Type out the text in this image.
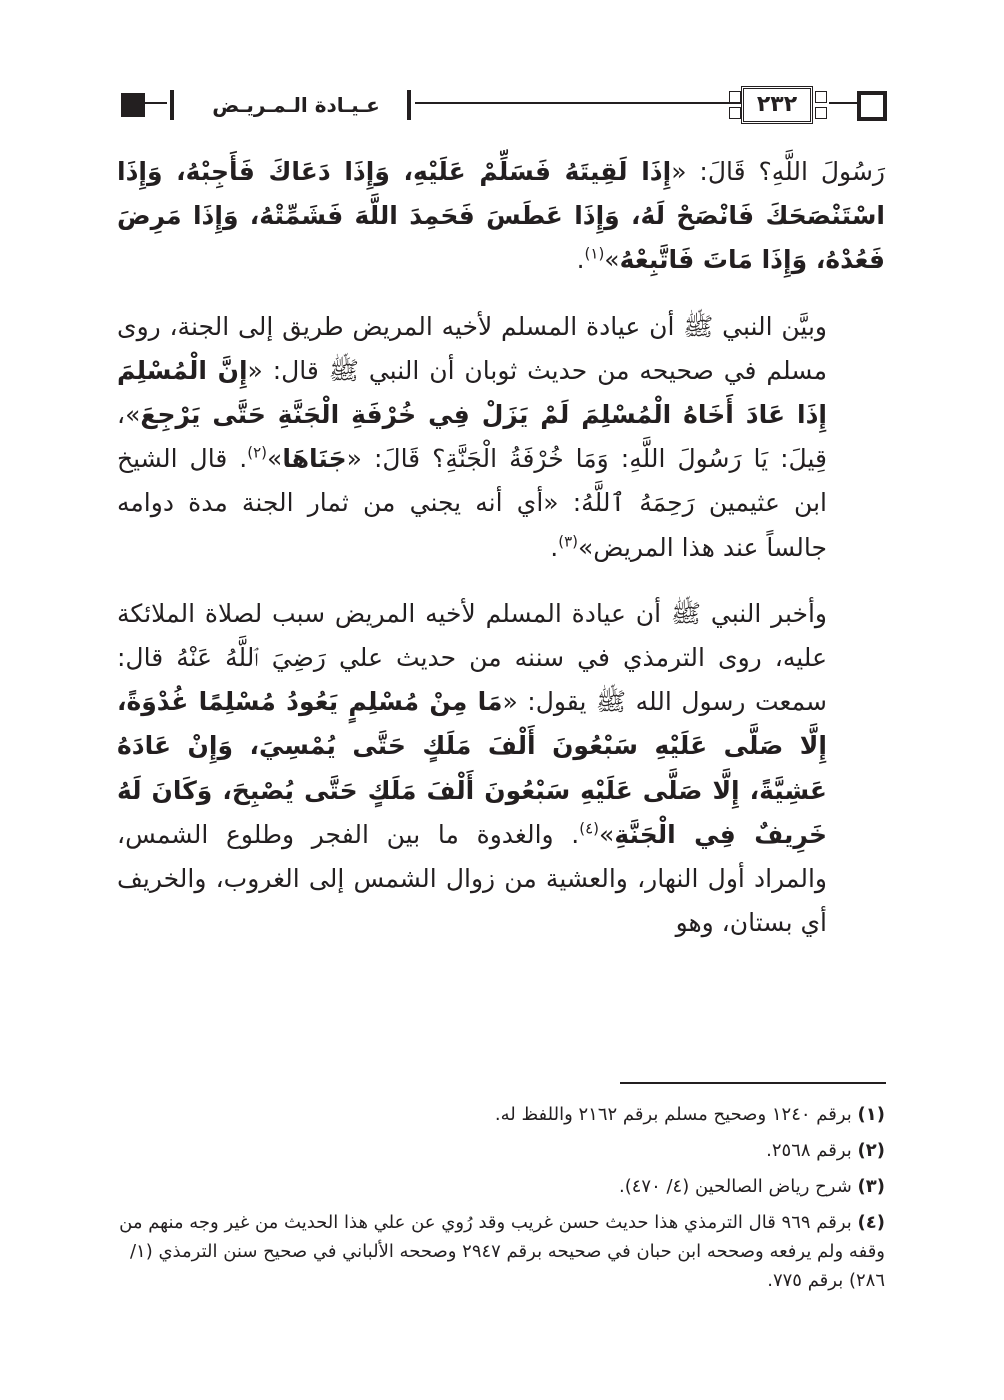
عـيـادة الـمـريـض	٢٣٢

رَسُولَ اللَّهِ؟ قَالَ: «إِذَا لَقِيتَهُ فَسَلِّمْ عَلَيْهِ، وَإِذَا دَعَاكَ فَأَجِبْهُ، وَإِذَا اسْتَنْصَحَكَ فَانْصَحْ لَهُ، وَإِذَا عَطَسَ فَحَمِدَ اللَّهَ فَشَمِّتْهُ، وَإِذَا مَرِضَ فَعُدْهُ، وَإِذَا مَاتَ فَاتَّبِعْهُ»$^{(١)}$.

وبيَّن النبي ﷺ أن عيادة المسلم لأخيه المريض طريق إلى الجنة، روى مسلم في صحيحه من حديث ثوبان أن النبي ﷺ قال: «إِنَّ الْمُسْلِمَ إِذَا عَادَ أَخَاهُ الْمُسْلِمَ لَمْ يَزَلْ فِي خُرْفَةِ الْجَنَّةِ حَتَّى يَرْجِعَ»، قِيلَ: يَا رَسُولَ اللَّهِ: وَمَا خُرْفَةُ الْجَنَّةِ؟ قَالَ: «جَنَاهَا»$^{(٢)}$. قال الشيخ ابن عثيمين رَحِمَهُ ٱللَّهُ: «أي أنه يجني من ثمار الجنة مدة دوامه جالساً عند هذا المريض»$^{(٣)}$.

وأخبر النبي ﷺ أن عيادة المسلم لأخيه المريض سبب لصلاة الملائكة عليه، روى الترمذي في سننه من حديث علي رَضِيَ ٱللَّهُ عَنْهُ قال: سمعت رسول الله ﷺ يقول: «مَا مِنْ مُسْلِمٍ يَعُودُ مُسْلِمًا غُدْوَةً، إِلَّا صَلَّى عَلَيْهِ سَبْعُونَ أَلْفَ مَلَكٍ حَتَّى يُمْسِيَ، وَإِنْ عَادَهُ عَشِيَّةً، إِلَّا صَلَّى عَلَيْهِ سَبْعُونَ أَلْفَ مَلَكٍ حَتَّى يُصْبِحَ، وَكَانَ لَهُ خَرِيفٌ فِي الْجَنَّةِ»$^{(٤)}$. والغدوة ما بين الفجر وطلوع الشمس، والمراد أول النهار، والعشية من زوال الشمس إلى الغروب، والخريف أي بستان، وهو

(١) برقم ١٢٤٠ وصحيح مسلم برقم ٢١٦٢ واللفظ له.

(٢) برقم ٢٥٦٨.

(٣) شرح رياض الصالحين (٤/ ٤٧٠).

(٤) برقم ٩٦٩ قال الترمذي هذا حديث حسن غريب وقد رُوي عن علي هذا الحديث من غير وجه منهم من وقفه ولم يرفعه وصححه ابن حبان في صحيحه برقم ٢٩٤٧ وصححه الألباني في صحيح سنن الترمذي (١/ ٢٨٦) برقم ٧٧٥.
